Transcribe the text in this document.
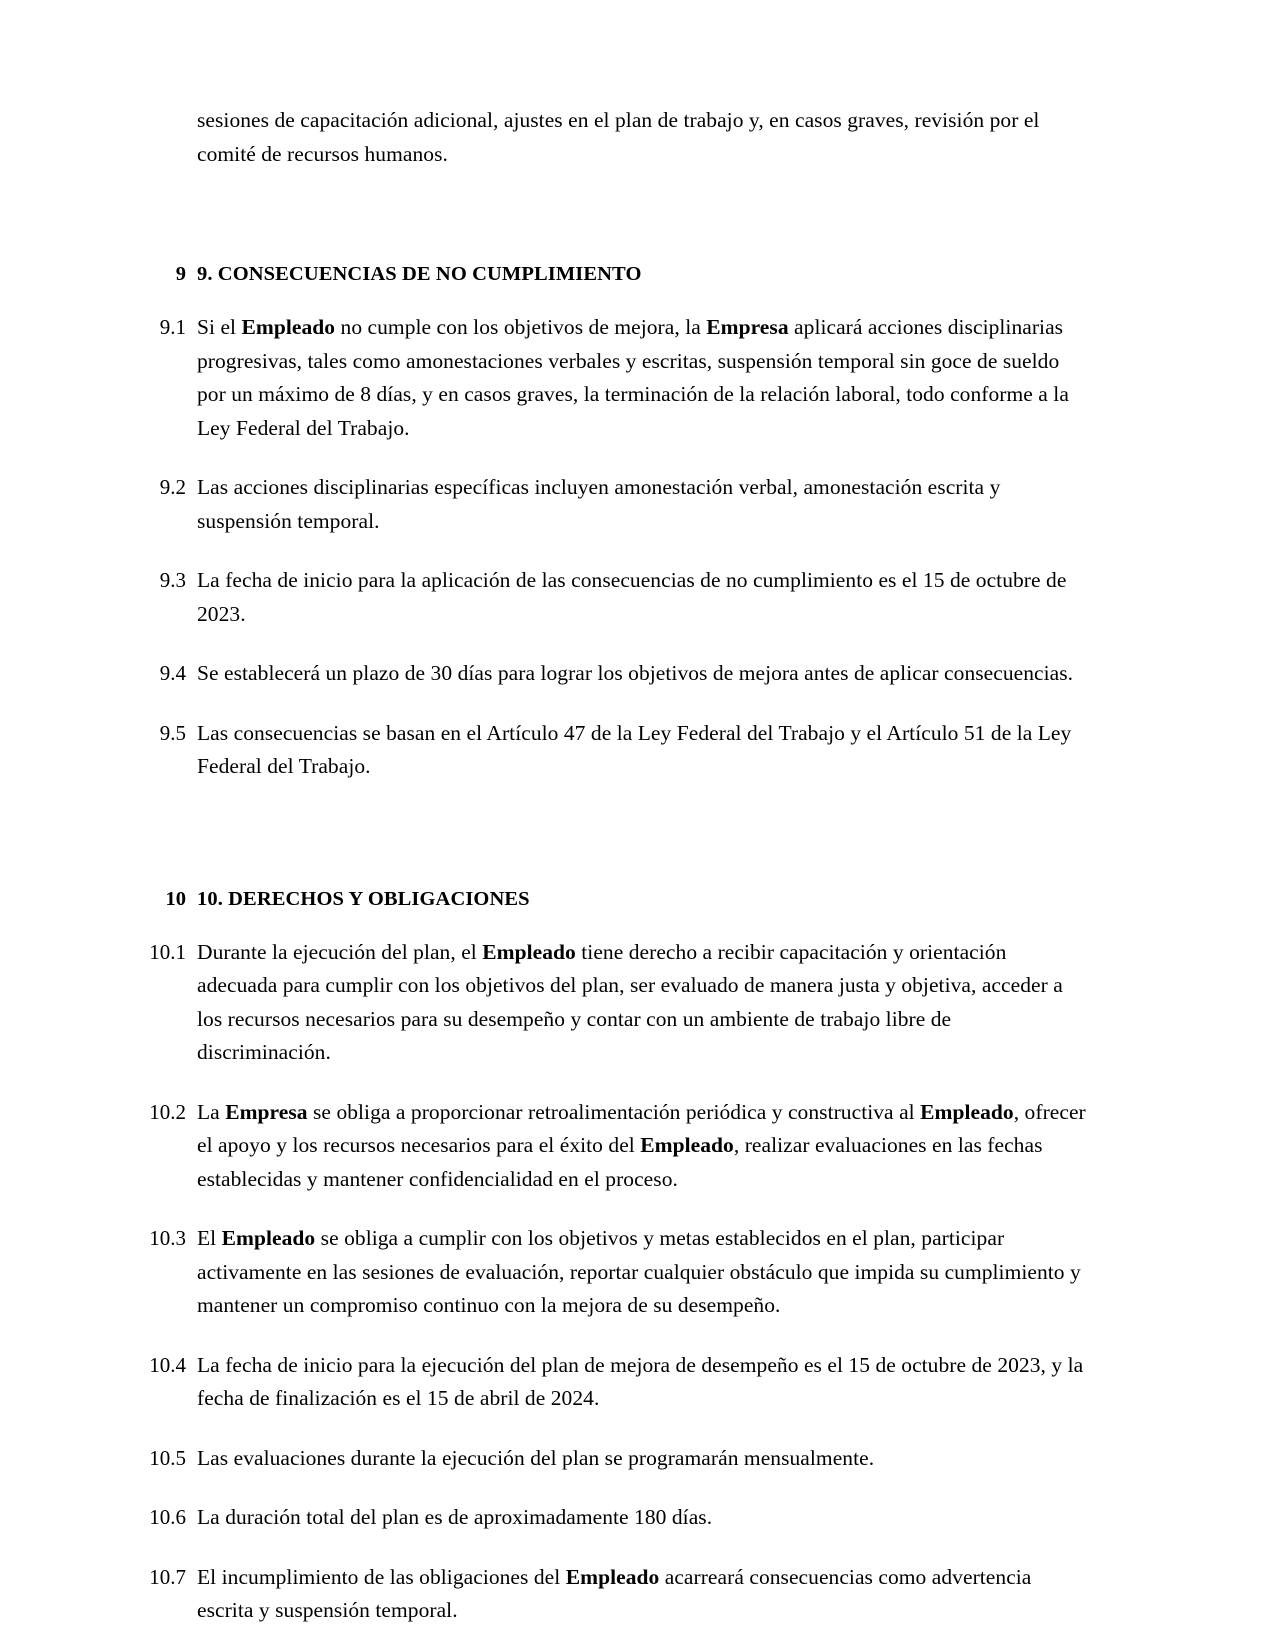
sesiones de capacitación adicional, ajustes en el plan de trabajo y, en casos graves, revisión por el comité de recursos humanos.

9 9. CONSECUENCIAS DE NO CUMPLIMIENTO
9.1 Si el Empleado no cumple con los objetivos de mejora, la Empresa aplicará acciones disciplinarias progresivas, tales como amonestaciones verbales y escritas, suspensión temporal sin goce de sueldo por un máximo de 8 días, y en casos graves, la terminación de la relación laboral, todo conforme a la Ley Federal del Trabajo.
9.2 Las acciones disciplinarias específicas incluyen amonestación verbal, amonestación escrita y suspensión temporal.
9.3 La fecha de inicio para la aplicación de las consecuencias de no cumplimiento es el 15 de octubre de 2023.
9.4 Se establecerá un plazo de 30 días para lograr los objetivos de mejora antes de aplicar consecuencias.
9.5 Las consecuencias se basan en el Artículo 47 de la Ley Federal del Trabajo y el Artículo 51 de la Ley Federal del Trabajo.
10 10. DERECHOS Y OBLIGACIONES
10.1 Durante la ejecución del plan, el Empleado tiene derecho a recibir capacitación y orientación adecuada para cumplir con los objetivos del plan, ser evaluado de manera justa y objetiva, acceder a los recursos necesarios para su desempeño y contar con un ambiente de trabajo libre de discriminación.
10.2 La Empresa se obliga a proporcionar retroalimentación periódica y constructiva al Empleado, ofrecer el apoyo y los recursos necesarios para el éxito del Empleado, realizar evaluaciones en las fechas establecidas y mantener confidencialidad en el proceso.
10.3 El Empleado se obliga a cumplir con los objetivos y metas establecidos en el plan, participar activamente en las sesiones de evaluación, reportar cualquier obstáculo que impida su cumplimiento y mantener un compromiso continuo con la mejora de su desempeño.
10.4 La fecha de inicio para la ejecución del plan de mejora de desempeño es el 15 de octubre de 2023, y la fecha de finalización es el 15 de abril de 2024.
10.5 Las evaluaciones durante la ejecución del plan se programarán mensualmente.
10.6 La duración total del plan es de aproximadamente 180 días.
10.7 El incumplimiento de las obligaciones del Empleado acarreará consecuencias como advertencia escrita y suspensión temporal.
